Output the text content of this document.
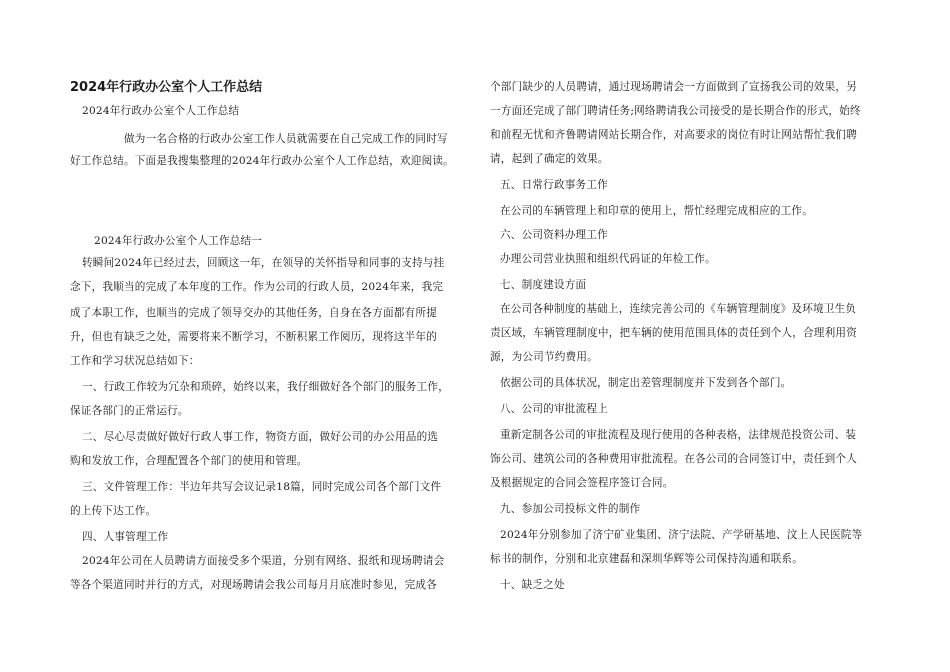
2024年行政办公室个人工作总结
2024年行政办公室个人工作总结
做为一名合格的行政办公室工作人员就需要在自己完成工作的同时写
好工作总结。下面是我搜集整理的2024年行政办公室个人工作总结，欢迎阅读。
2024年行政办公室个人工作总结一
转瞬间2024年已经过去，回顾这一年，在领导的关怀指导和同事的支持与挂
念下，我顺当的完成了本年度的工作。作为公司的行政人员，2024年来，我完
成了本职工作，也顺当的完成了领导交办的其他任务，自身在各方面都有所提
升，但也有缺乏之处，需要将来不断学习，不断积累工作阅历，现将这半年的
工作和学习状况总结如下：
一、行政工作较为冗杂和琐碎，始终以来，我仔细做好各个部门的服务工作，
保证各部门的正常运行。
二、尽心尽责做好做好行政人事工作，物资方面，做好公司的办公用品的选
购和发放工作，合理配置各个部门的使用和管理。
三、文件管理工作：半边年共写会议记录18篇，同时完成公司各个部门文件
的上传下达工作。
四、人事管理工作
2024年公司在人员聘请方面接受多个渠道，分别有网络、报纸和现场聘请会
等各个渠道同时并行的方式，对现场聘请会我公司每月月底准时参见，完成各
个部门缺少的人员聘请，通过现场聘请会一方面做到了宣扬我公司的效果，另
一方面还完成了部门聘请任务;网络聘请我公司接受的是长期合作的形式，始终
和前程无忧和齐鲁聘请网站长期合作，对高要求的岗位有时让网站帮忙我们聘
请，起到了确定的效果。
五、日常行政事务工作
在公司的车辆管理上和印章的使用上，帮忙经理完成相应的工作。
六、公司资料办理工作
办理公司营业执照和组织代码证的年检工作。
七、制度建设方面
在公司各种制度的基础上，连续完善公司的《车辆管理制度》及环境卫生负
责区域，车辆管理制度中，把车辆的使用范围具体的责任到个人，合理利用资
源，为公司节约费用。
依据公司的具体状况，制定出差管理制度并下发到各个部门。
八、公司的审批流程上
重新定制各公司的审批流程及现行使用的各种表格，法律规范投资公司、装
饰公司、建筑公司的各种费用审批流程。在各公司的合同签订中，责任到个人
及根据规定的合同会签程序签订合同。
九、参加公司投标文件的制作
2024年分别参加了济宁矿业集团、济宁法院、产学研基地、汶上人民医院等
标书的制作，分别和北京建磊和深圳华辉等公司保持沟通和联系。
十、缺乏之处
